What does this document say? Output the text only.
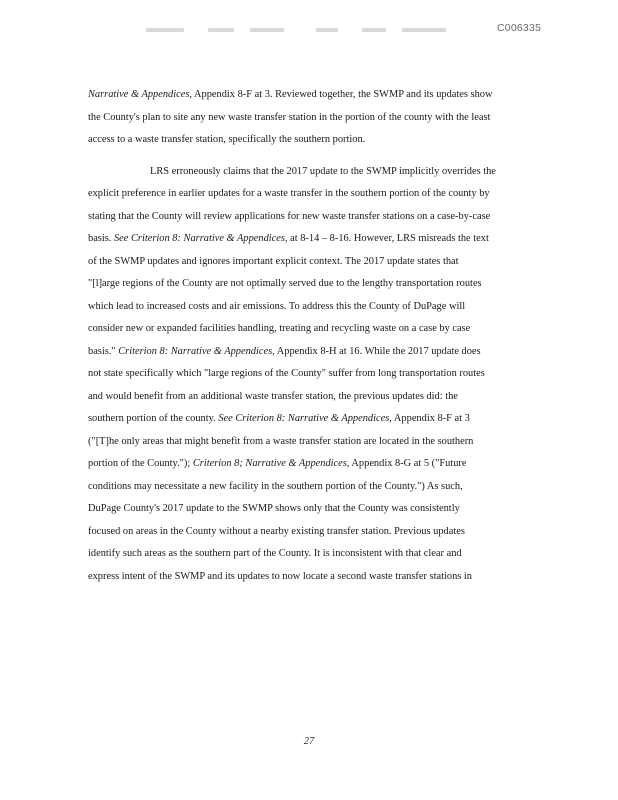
C006335
Narrative & Appendices, Appendix 8-F at 3. Reviewed together, the SWMP and its updates show
the County's plan to site any new waste transfer station in the portion of the county with the least
access to a waste transfer station, specifically the southern portion.
LRS erroneously claims that the 2017 update to the SWMP implicitly overrides the
explicit preference in earlier updates for a waste transfer in the southern portion of the county by
stating that the County will review applications for new waste transfer stations on a case-by-case
basis. See Criterion 8: Narrative & Appendices, at 8-14 – 8-16. However, LRS misreads the text
of the SWMP updates and ignores important explicit context. The 2017 update states that
"[l]arge regions of the County are not optimally served due to the lengthy transportation routes
which lead to increased costs and air emissions. To address this the County of DuPage will
consider new or expanded facilities handling, treating and recycling waste on a case by case
basis." Criterion 8: Narrative & Appendices, Appendix 8-H at 16. While the 2017 update does
not state specifically which "large regions of the County" suffer from long transportation routes
and would benefit from an additional waste transfer station, the previous updates did: the
southern portion of the county. See Criterion 8: Narrative & Appendices, Appendix 8-F at 3
("[T]he only areas that might benefit from a waste transfer station are located in the southern
portion of the County."); Criterion 8; Narrative & Appendices, Appendix 8-G at 5 ("Future
conditions may necessitate a new facility in the southern portion of the County.") As such,
DuPage County's 2017 update to the SWMP shows only that the County was consistently
focused on areas in the County without a nearby existing transfer station. Previous updates
identify such areas as the southern part of the County. It is inconsistent with that clear and
express intent of the SWMP and its updates to now locate a second waste transfer stations in
27
